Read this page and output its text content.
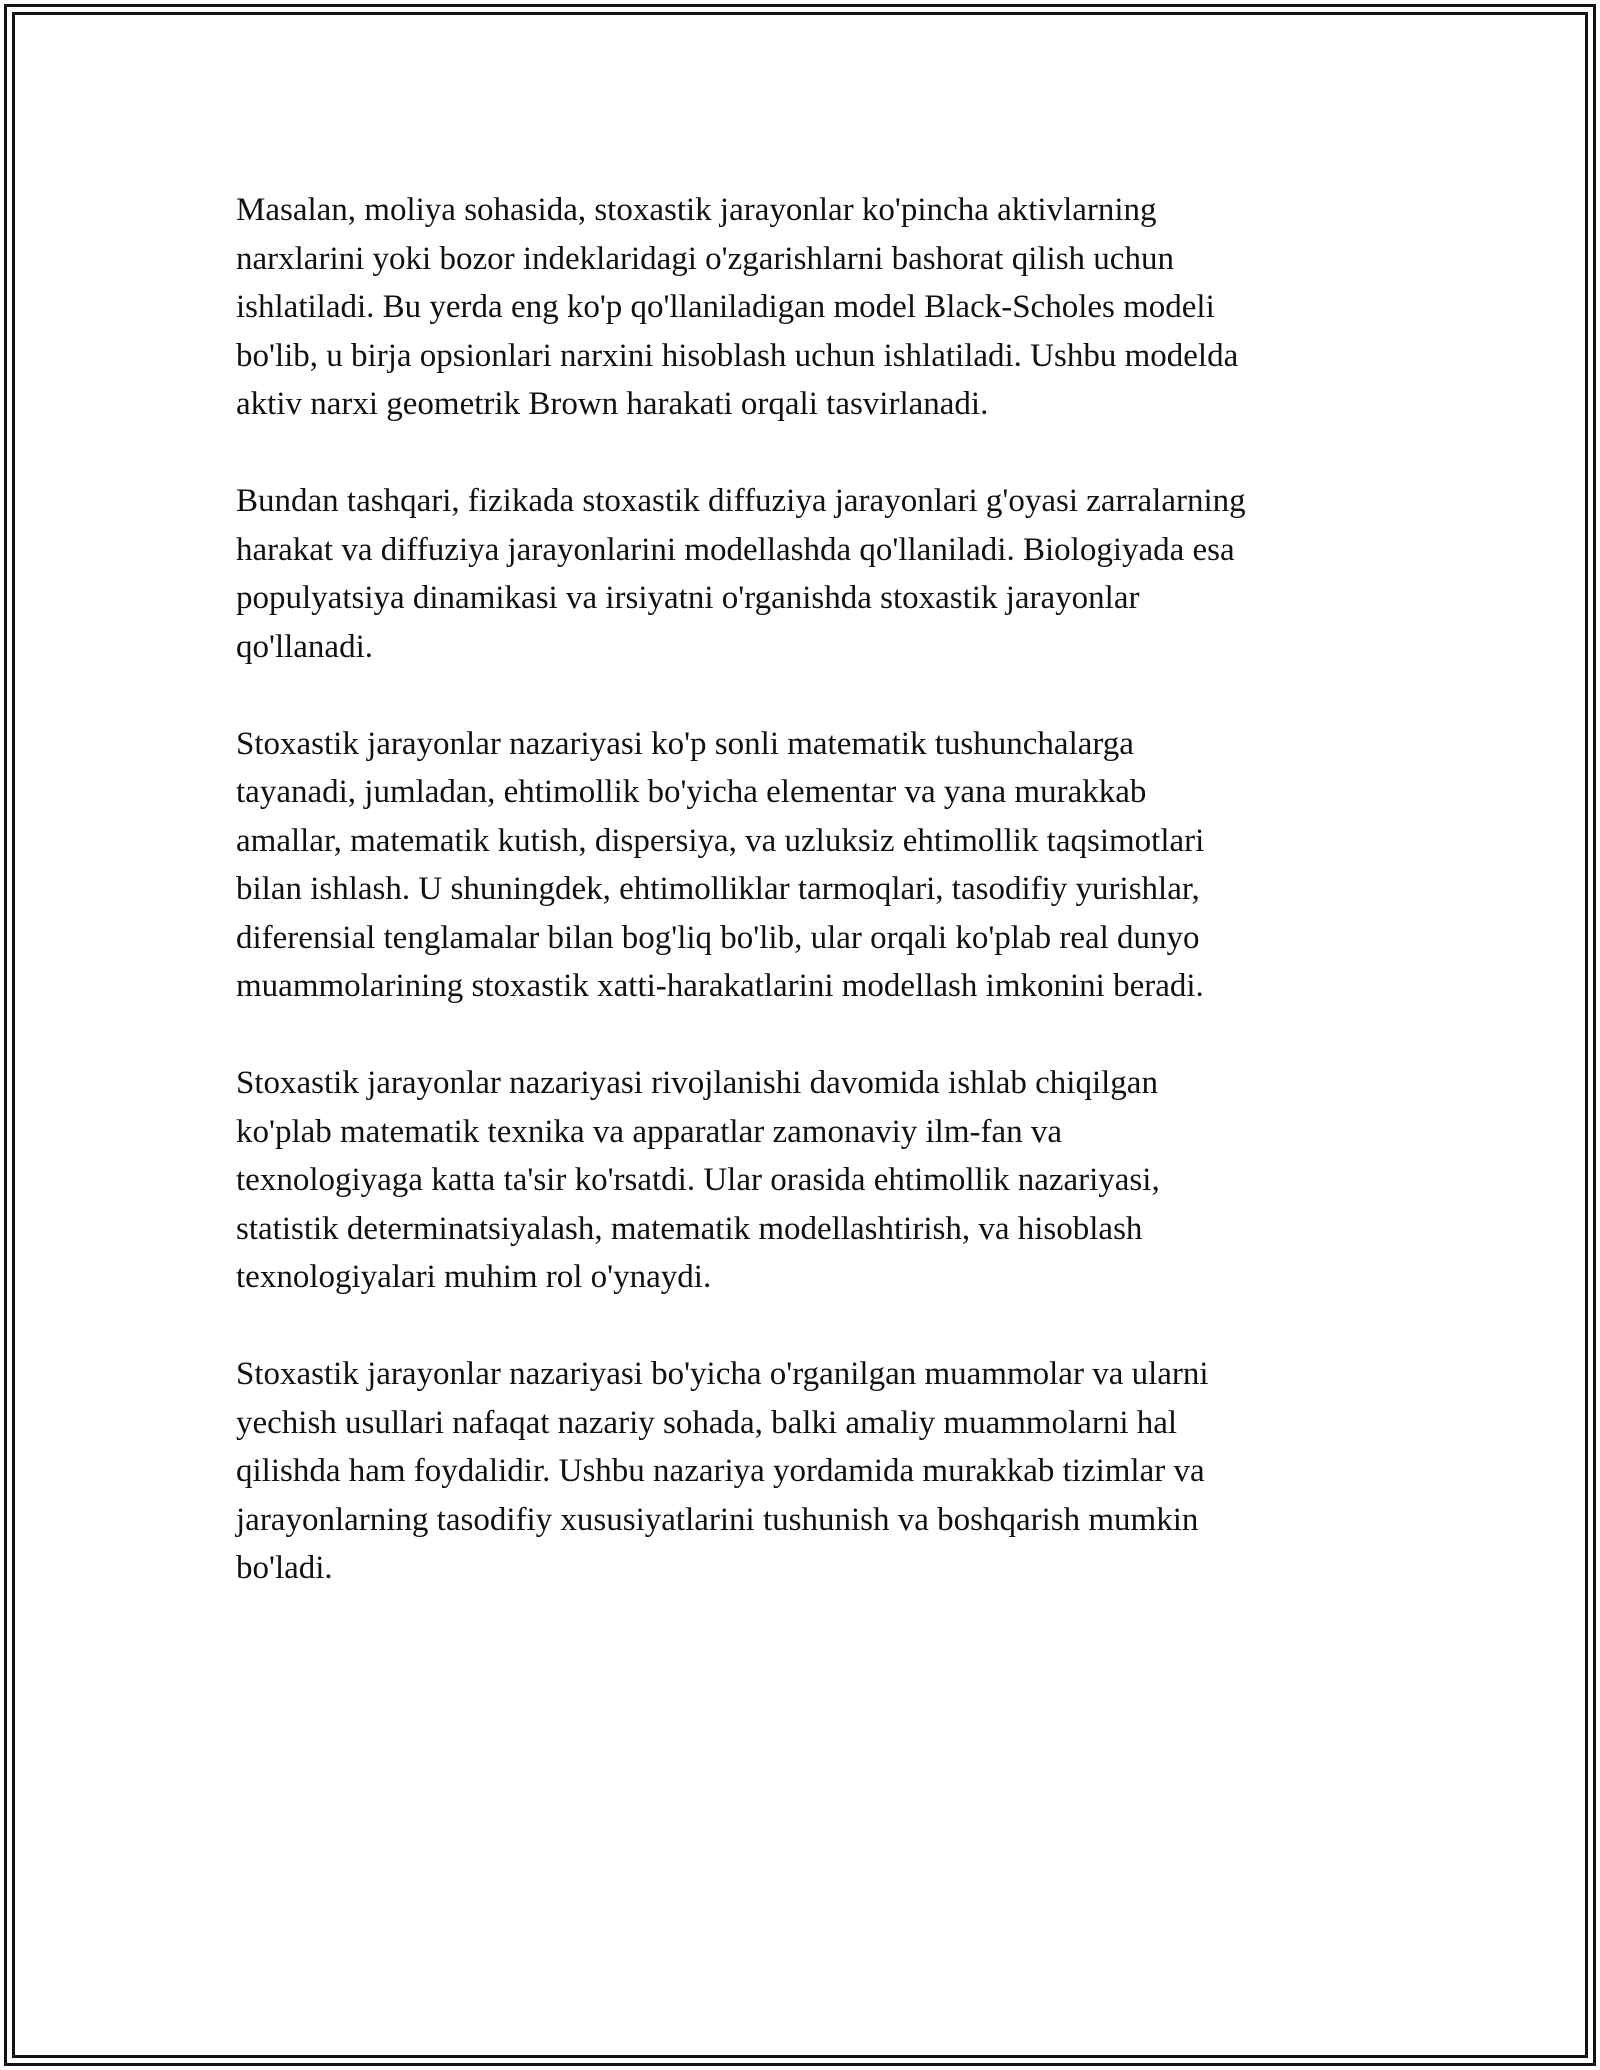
Masalan, moliya sohasida, stoxastik jarayonlar ko'pincha aktivlarning
narxlarini yoki bozor indeklaridagi o'zgarishlarni bashorat qilish uchun
ishlatiladi. Bu yerda eng ko'p qo'llaniladigan model Black-Scholes modeli
bo'lib, u birja opsionlari narxini hisoblash uchun ishlatiladi. Ushbu modelda
aktiv narxi geometrik Brown harakati orqali tasvirlanadi.

Bundan tashqari, fizikada stoxastik diffuziya jarayonlari g'oyasi zarralarning
harakat va diffuziya jarayonlarini modellashda qo'llaniladi. Biologiyada esa
populyatsiya dinamikasi va irsiyatni o'rganishda stoxastik jarayonlar
qo'llanadi.

Stoxastik jarayonlar nazariyasi ko'p sonli matematik tushunchalarga
tayanadi, jumladan, ehtimollik bo'yicha elementar va yana murakkab
amallar, matematik kutish, dispersiya, va uzluksiz ehtimollik taqsimotlari
bilan ishlash. U shuningdek, ehtimolliklar tarmoqlari, tasodifiy yurishlar,
diferensial tenglamalar bilan bog'liq bo'lib, ular orqali ko'plab real dunyo
muammolarining stoxastik xatti-harakatlarini modellash imkonini beradi.

Stoxastik jarayonlar nazariyasi rivojlanishi davomida ishlab chiqilgan
ko'plab matematik texnika va apparatlar zamonaviy ilm-fan va
texnologiyaga katta ta'sir ko'rsatdi. Ular orasida ehtimollik nazariyasi,
statistik determinatsiyalash, matematik modellashtirish, va hisoblash
texnologiyalari muhim rol o'ynaydi.

Stoxastik jarayonlar nazariyasi bo'yicha o'rganilgan muammolar va ularni
yechish usullari nafaqat nazariy sohada, balki amaliy muammolarni hal
qilishda ham foydalidir. Ushbu nazariya yordamida murakkab tizimlar va
jarayonlarning tasodifiy xususiyatlarini tushunish va boshqarish mumkin
bo'ladi.
